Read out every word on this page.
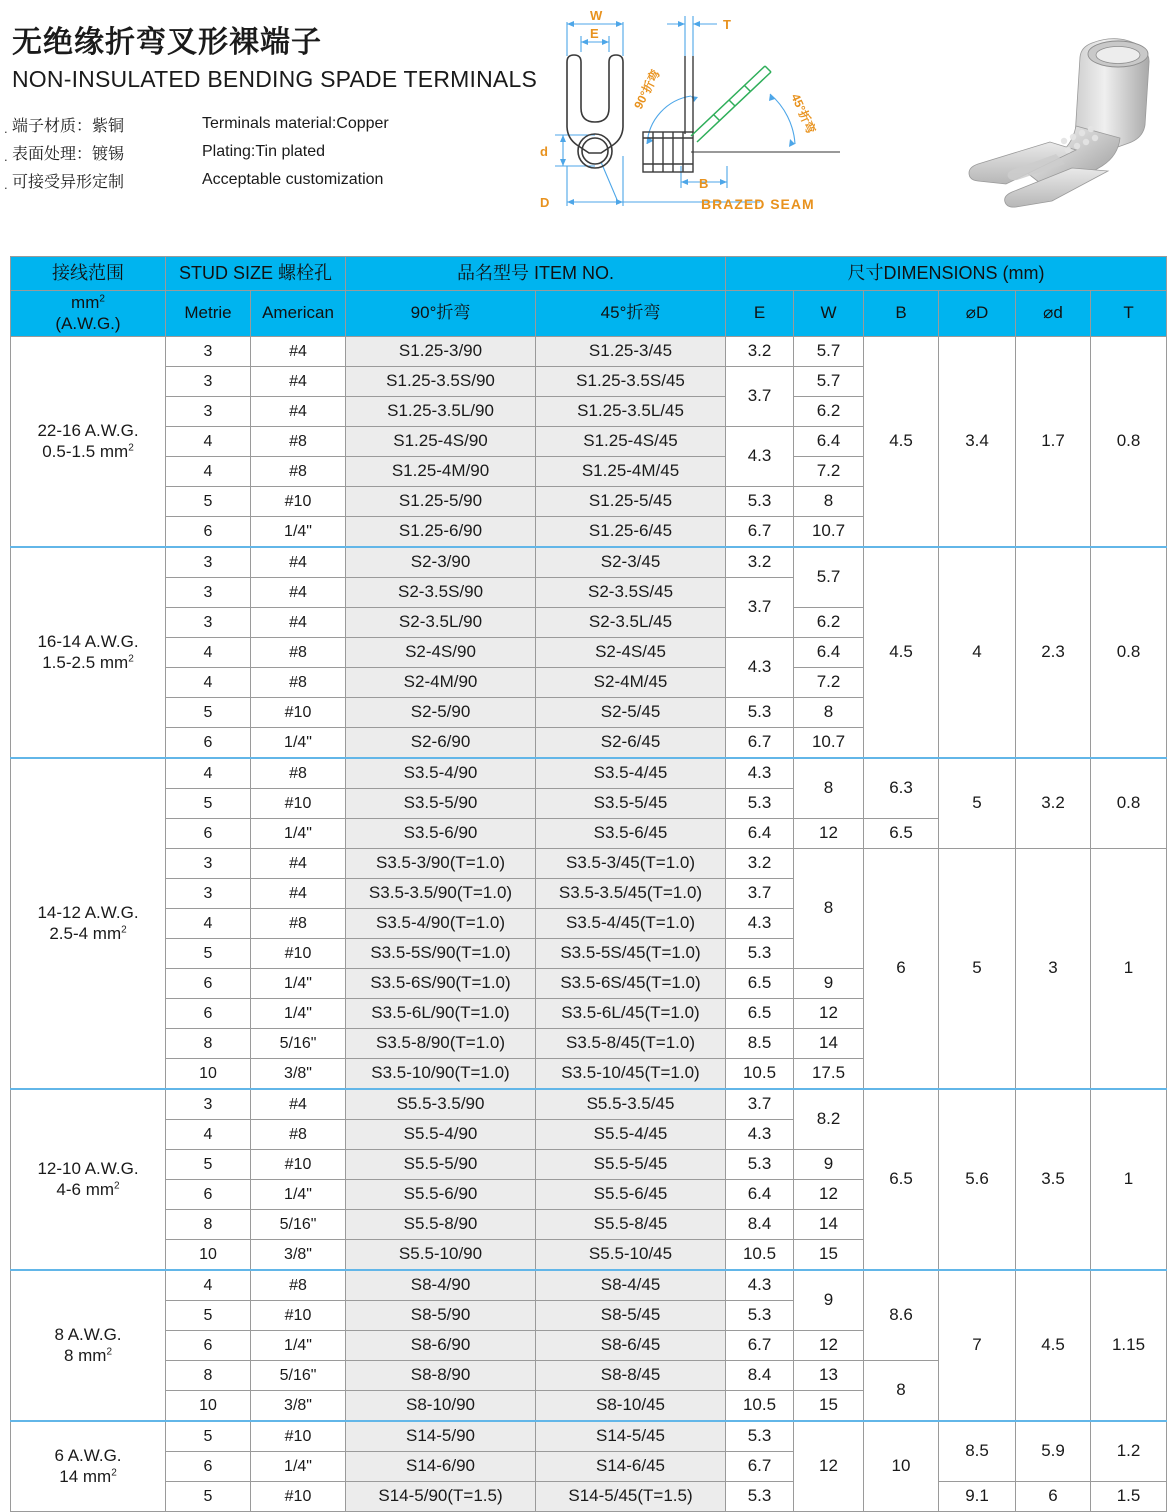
无绝缘折弯叉形裸端子
NON-INSULATED BENDING SPADE TERMINALS
. 端子材质：紫铜	Terminals material:Copper
. 表面处理：镀锡	Plating:Tin plated
. 可接受异形定制	Acceptable customization
W
E
d
D
T
B
BRAZED SEAM
90°折弯
45°折弯
接线范围	STUD SIZE 螺栓孔		品名型号 ITEM NO.		尺寸DIMENSIONS (mm)					
$mm^2$
(A.W.G.)	Metrie	American	90°折弯	45°折弯	E	W	B	⌀D	⌀d	T
22-16 A.W.G.
0.5-1.5 $mm^2$	3	#4	S1.25-3/90	S1.25-3/45	3.2	5.7	4.5	3.4	1.7	0.8
	3	#4	S1.25-3.5S/90	S1.25-3.5S/45	3.7	5.7				
	3	#4	S1.25-3.5L/90	S1.25-3.5L/45		6.2				
	4	#8	S1.25-4S/90	S1.25-4S/45	4.3	6.4				
	4	#8	S1.25-4M/90	S1.25-4M/45		7.2				
	5	#10	S1.25-5/90	S1.25-5/45	5.3	8				
	6	1/4"	S1.25-6/90	S1.25-6/45	6.7	10.7				
16-14 A.W.G.
1.5-2.5 $mm^2$	3	#4	S2-3/90	S2-3/45	3.2	5.7	4.5	4	2.3	0.8
	3	#4	S2-3.5S/90	S2-3.5S/45	3.7					
	3	#4	S2-3.5L/90	S2-3.5L/45		6.2				
	4	#8	S2-4S/90	S2-4S/45	4.3	6.4				
	4	#8	S2-4M/90	S2-4M/45		7.2				
	5	#10	S2-5/90	S2-5/45	5.3	8				
	6	1/4"	S2-6/90	S2-6/45	6.7	10.7				
14-12 A.W.G.
2.5-4 $mm^2$	4	#8	S3.5-4/90	S3.5-4/45	4.3	8	6.3	5	3.2	0.8
	5	#10	S3.5-5/90	S3.5-5/45	5.3					
	6	1/4"	S3.5-6/90	S3.5-6/45	6.4	12	6.5			
	3	#4	S3.5-3/90(T=1.0)	S3.5-3/45(T=1.0)	3.2	8	6	5	3	1
	3	#4	S3.5-3.5/90(T=1.0)	S3.5-3.5/45(T=1.0)	3.7					
	4	#8	S3.5-4/90(T=1.0)	S3.5-4/45(T=1.0)	4.3					
	5	#10	S3.5-5S/90(T=1.0)	S3.5-5S/45(T=1.0)	5.3					
	6	1/4"	S3.5-6S/90(T=1.0)	S3.5-6S/45(T=1.0)	6.5	9				
	6	1/4"	S3.5-6L/90(T=1.0)	S3.5-6L/45(T=1.0)	6.5	12				
	8	5/16"	S3.5-8/90(T=1.0)	S3.5-8/45(T=1.0)	8.5	14				
	10	3/8"	S3.5-10/90(T=1.0)	S3.5-10/45(T=1.0)	10.5	17.5				
12-10 A.W.G.
4-6 $mm^2$	3	#4	S5.5-3.5/90	S5.5-3.5/45	3.7	8.2	6.5	5.6	3.5	1
	4	#8	S5.5-4/90	S5.5-4/45	4.3					
	5	#10	S5.5-5/90	S5.5-5/45	5.3	9				
	6	1/4"	S5.5-6/90	S5.5-6/45	6.4	12				
	8	5/16"	S5.5-8/90	S5.5-8/45	8.4	14				
	10	3/8"	S5.5-10/90	S5.5-10/45	10.5	15				
8 A.W.G.
8 $mm^2$	4	#8	S8-4/90	S8-4/45	4.3	9	8.6	7	4.5	1.15
	5	#10	S8-5/90	S8-5/45	5.3					
	6	1/4"	S8-6/90	S8-6/45	6.7	12				
	8	5/16"	S8-8/90	S8-8/45	8.4	13	8			
	10	3/8"	S8-10/90	S8-10/45	10.5	15				
6 A.W.G.
14 $mm^2$	5	#10	S14-5/90	S14-5/45	5.3	12	10	8.5	5.9	1.2
	6	1/4"	S14-6/90	S14-6/45	6.7					
	5	#10	S14-5/90(T=1.5)	S14-5/45(T=1.5)	5.3			9.1	6	1.5
